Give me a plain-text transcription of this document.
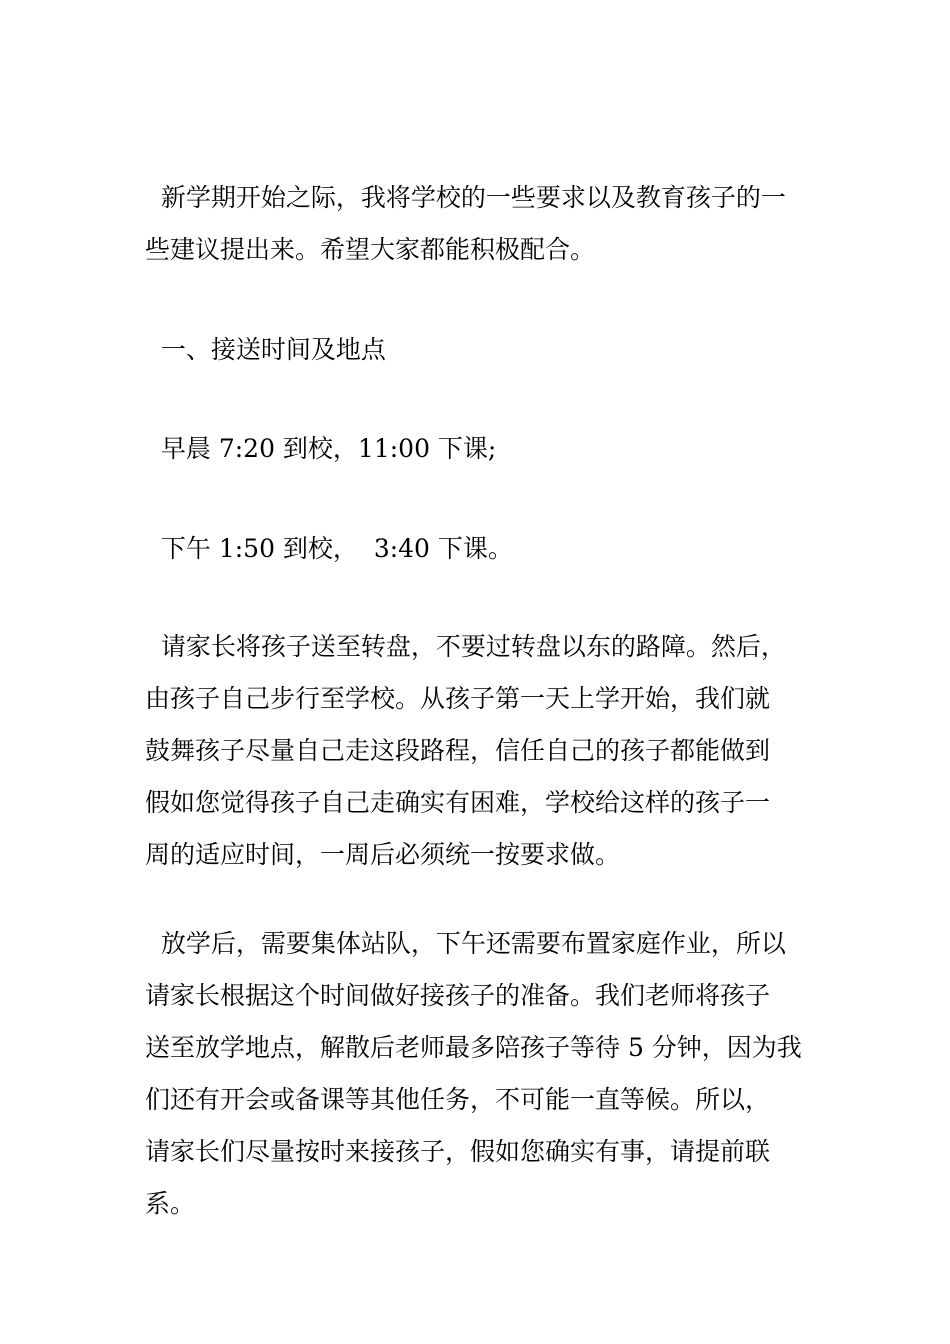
新学期开始之际，我将学校的一些要求以及教育孩子的一
些建议提出来。希望大家都能积极配合。
一、接送时间及地点
早晨 7:20 到校，11:00 下课;
下午 1:50 到校，  3:40 下课。
请家长将孩子送至转盘，不要过转盘以东的路障。然后，
由孩子自己步行至学校。从孩子第一天上学开始，我们就
鼓舞孩子尽量自己走这段路程，信任自己的孩子都能做到
假如您觉得孩子自己走确实有困难，学校给这样的孩子一
周的适应时间，一周后必须统一按要求做。
放学后，需要集体站队，下午还需要布置家庭作业，所以
请家长根据这个时间做好接孩子的准备。我们老师将孩子
送至放学地点，解散后老师最多陪孩子等待 5 分钟，因为我
们还有开会或备课等其他任务，不可能一直等候。所以，
请家长们尽量按时来接孩子，假如您确实有事，请提前联
系。
